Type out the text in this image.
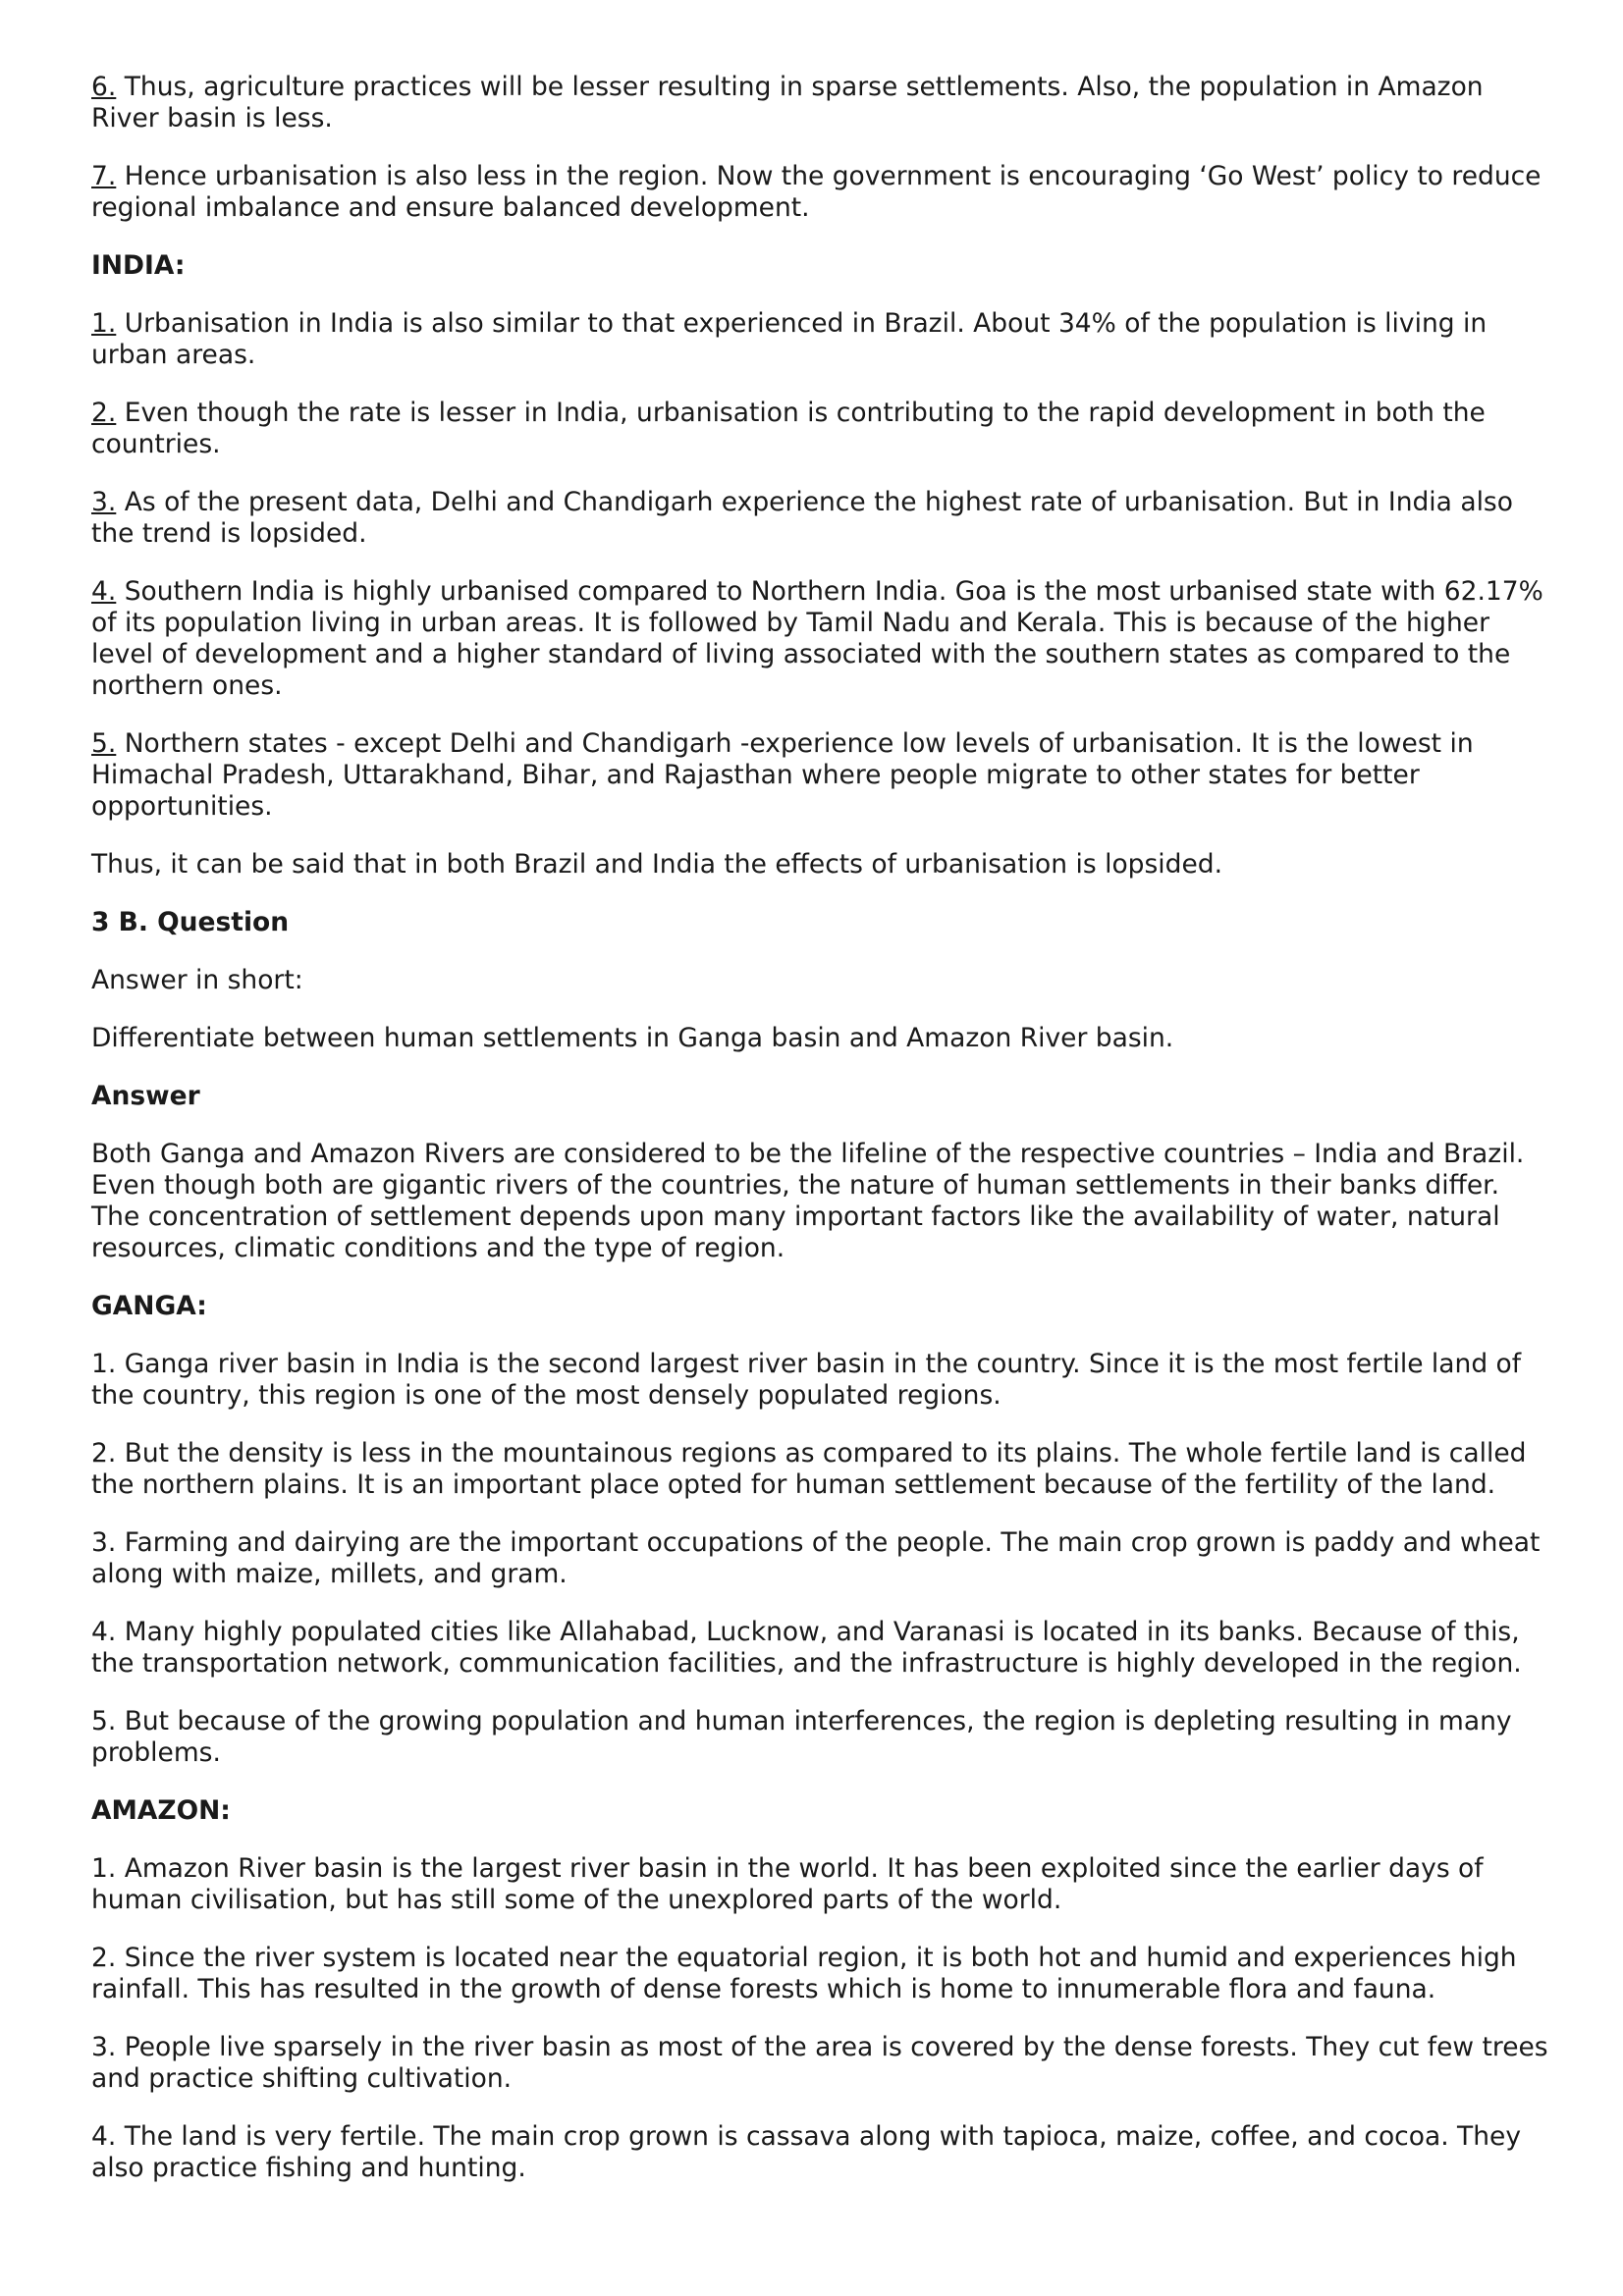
6. Thus, agriculture practices will be lesser resulting in sparse settlements. Also, the population in Amazon River basin is less.

7. Hence urbanisation is also less in the region. Now the government is encouraging ‘Go West’ policy to reduce regional imbalance and ensure balanced development.

INDIA:

1. Urbanisation in India is also similar to that experienced in Brazil. About 34% of the population is living in urban areas.

2. Even though the rate is lesser in India, urbanisation is contributing to the rapid development in both the countries.

3. As of the present data, Delhi and Chandigarh experience the highest rate of urbanisation. But in India also the trend is lopsided.

4. Southern India is highly urbanised compared to Northern India. Goa is the most urbanised state with 62.17% of its population living in urban areas. It is followed by Tamil Nadu and Kerala. This is because of the higher level of development and a higher standard of living associated with the southern states as compared to the northern ones.

5. Northern states - except Delhi and Chandigarh -experience low levels of urbanisation. It is the lowest in Himachal Pradesh, Uttarakhand, Bihar, and Rajasthan where people migrate to other states for better opportunities.

Thus, it can be said that in both Brazil and India the effects of urbanisation is lopsided.

3 B. Question

Answer in short:

Differentiate between human settlements in Ganga basin and Amazon River basin.

Answer

Both Ganga and Amazon Rivers are considered to be the lifeline of the respective countries – India and Brazil. Even though both are gigantic rivers of the countries, the nature of human settlements in their banks differ. The concentration of settlement depends upon many important factors like the availability of water, natural resources, climatic conditions and the type of region.

GANGA:

1. Ganga river basin in India is the second largest river basin in the country. Since it is the most fertile land of the country, this region is one of the most densely populated regions.

2. But the density is less in the mountainous regions as compared to its plains. The whole fertile land is called the northern plains. It is an important place opted for human settlement because of the fertility of the land.

3. Farming and dairying are the important occupations of the people. The main crop grown is paddy and wheat along with maize, millets, and gram.

4. Many highly populated cities like Allahabad, Lucknow, and Varanasi is located in its banks. Because of this, the transportation network, communication facilities, and the infrastructure is highly developed in the region.

5. But because of the growing population and human interferences, the region is depleting resulting in many problems.

AMAZON:

1. Amazon River basin is the largest river basin in the world. It has been exploited since the earlier days of human civilisation, but has still some of the unexplored parts of the world.

2. Since the river system is located near the equatorial region, it is both hot and humid and experiences high rainfall. This has resulted in the growth of dense forests which is home to innumerable flora and fauna.

3. People live sparsely in the river basin as most of the area is covered by the dense forests. They cut few trees and practice shifting cultivation.

4. The land is very fertile. The main crop grown is cassava along with tapioca, maize, coffee, and cocoa. They also practice fishing and hunting.
